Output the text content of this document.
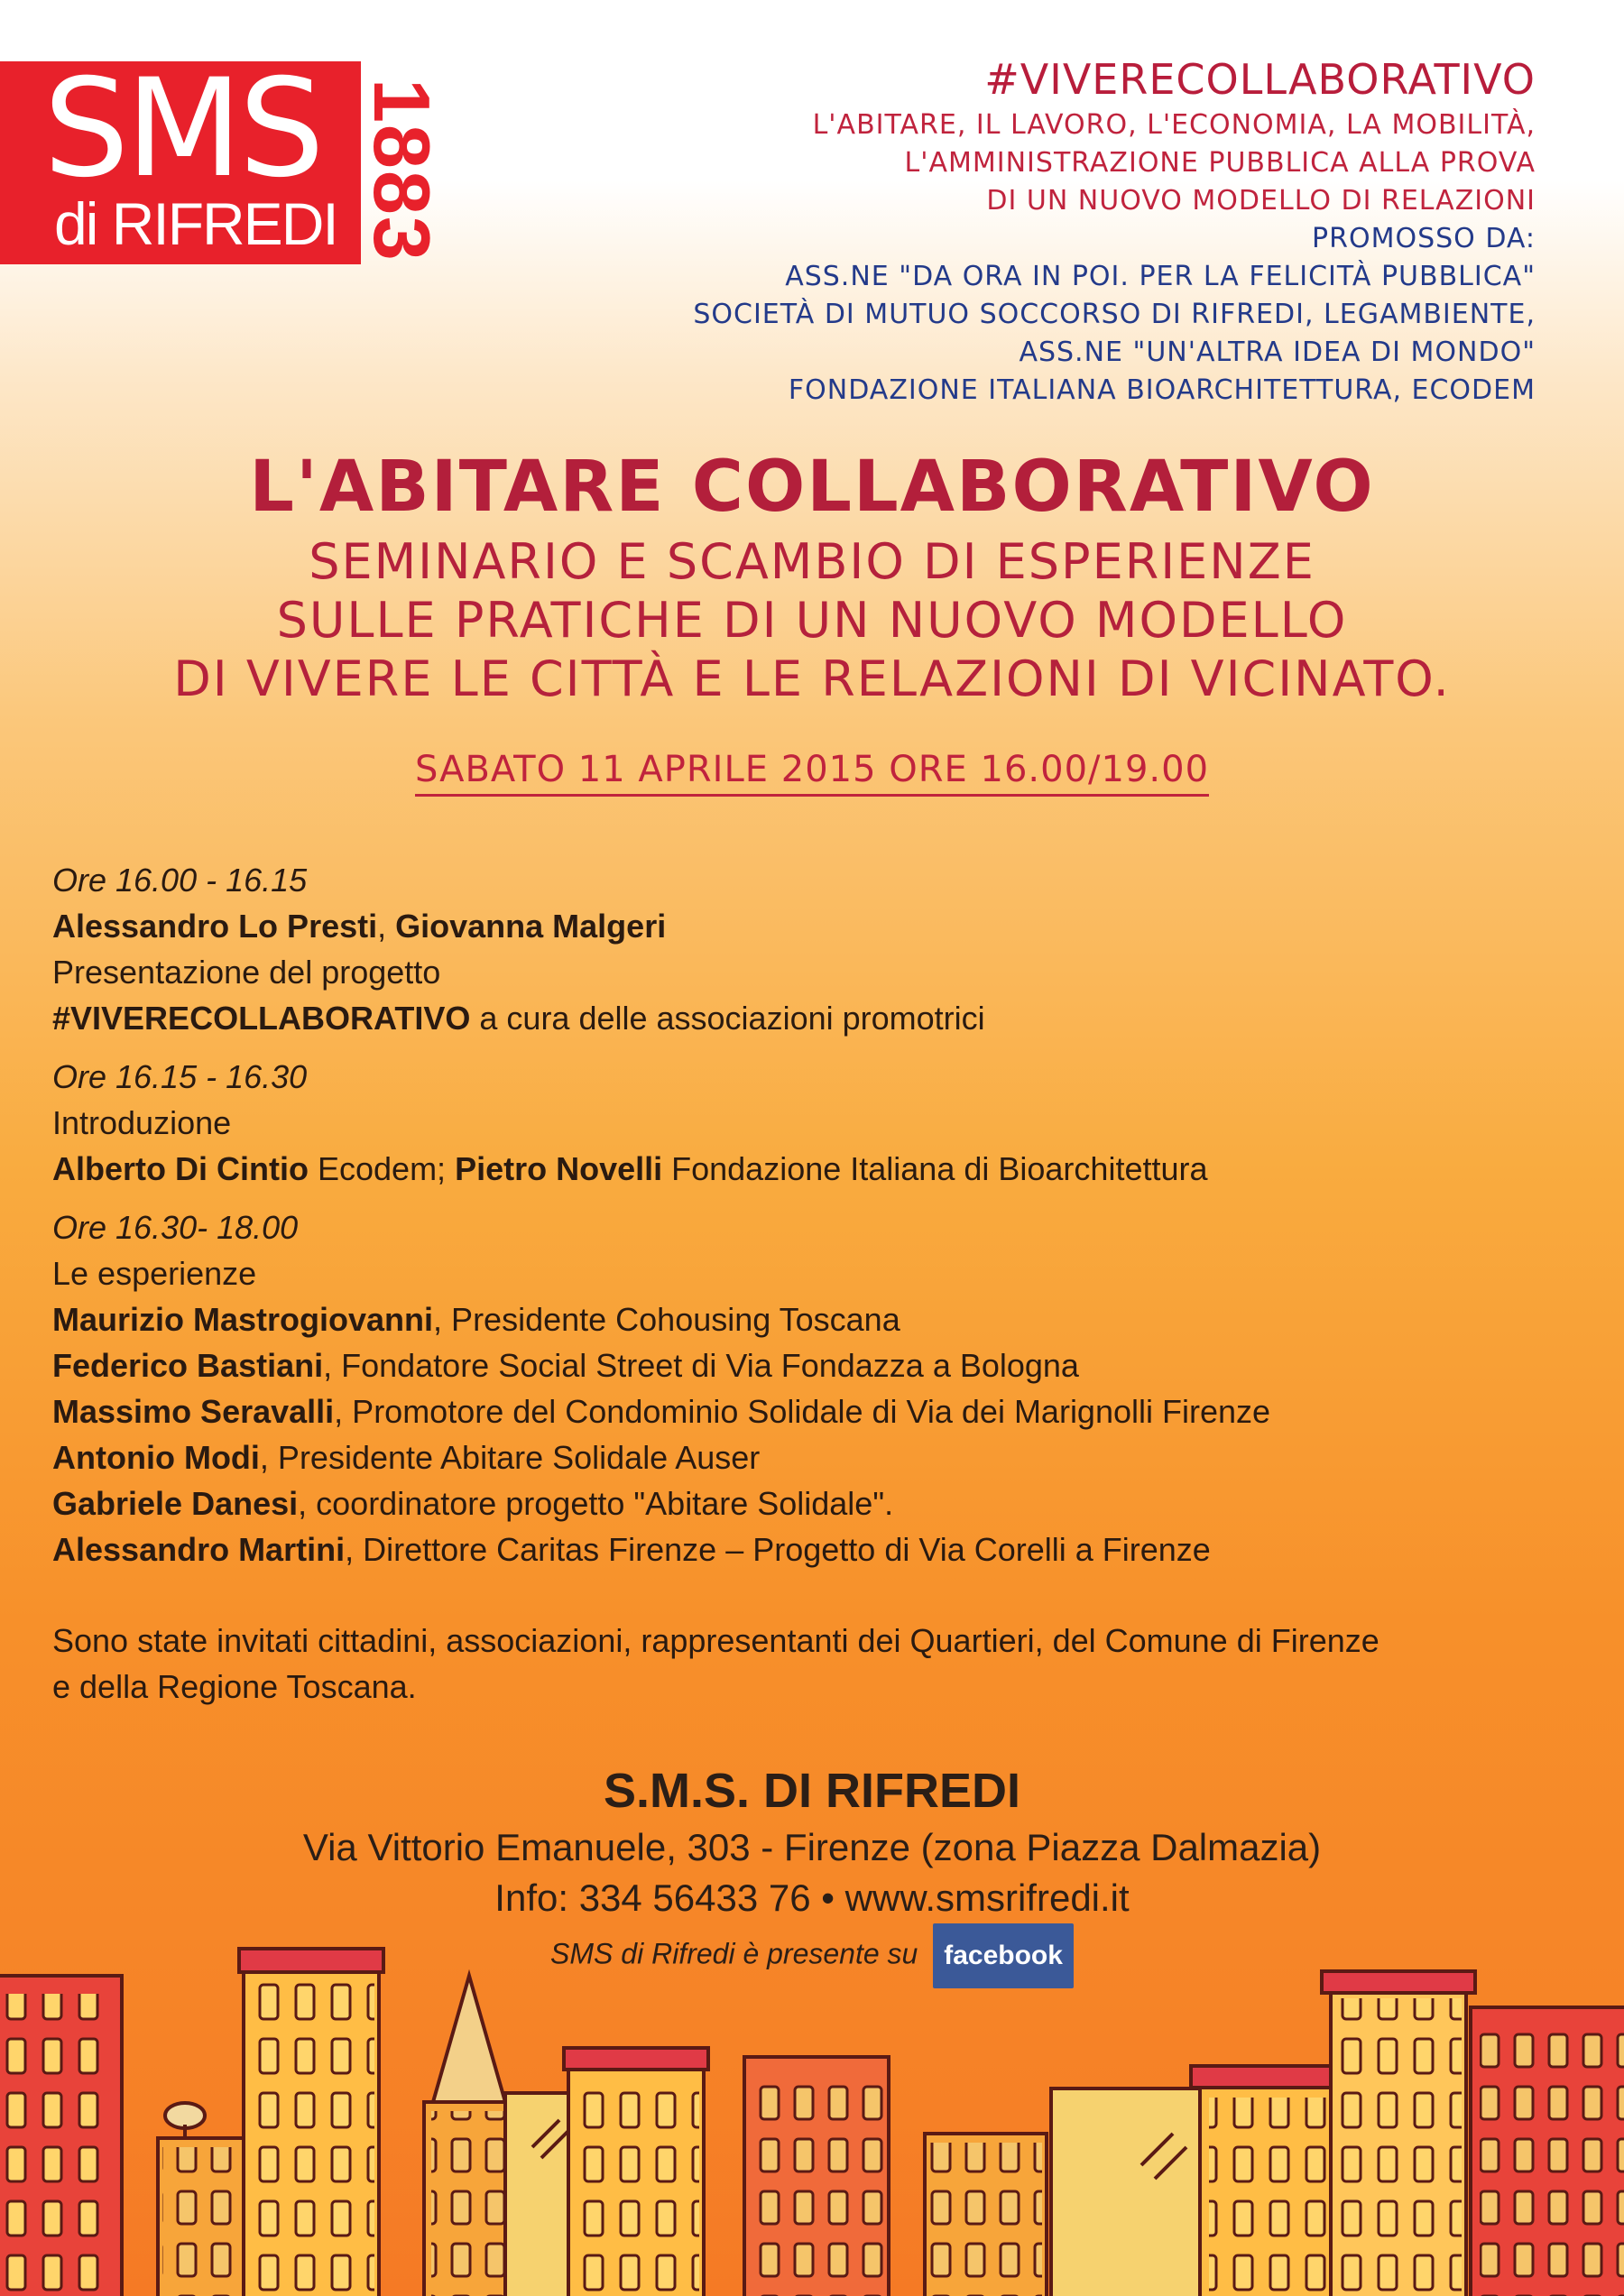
SMS
di RIFREDI 1883	#VIVERECOLLABORATIVO
L'ABITARE, IL LAVORO, L'ECONOMIA, LA MOBILITÀ,
L'AMMINISTRAZIONE PUBBLICA ALLA PROVA
DI UN NUOVO MODELLO DI RELAZIONI
PROMOSSO DA:
ASS.NE "DA ORA IN POI. PER LA FELICITÀ PUBBLICA"
SOCIETÀ DI MUTUO SOCCORSO DI RIFREDI, LEGAMBIENTE,
ASS.NE "UN'ALTRA IDEA DI MONDO"
FONDAZIONE ITALIANA BIOARCHITETTURA, ECODEM
L'ABITARE COLLABORATIVO
SEMINARIO E SCAMBIO DI ESPERIENZE
SULLE PRATICHE DI UN NUOVO MODELLO
DI VIVERE LE CITTÀ E LE RELAZIONI DI VICINATO.
SABATO 11 APRILE 2015 ORE 16.00/19.00
Ore 16.00 - 16.15
Alessandro Lo Presti, Giovanna Malgeri
Presentazione del progetto
#VIVERECOLLABORATIVO a cura delle associazioni promotrici
Ore 16.15 - 16.30
Introduzione
Alberto Di Cintio Ecodem; Pietro Novelli Fondazione Italiana di Bioarchitettura
Ore 16.30- 18.00
Le esperienze
Maurizio Mastrogiovanni, Presidente Cohousing Toscana
Federico Bastiani, Fondatore Social Street di Via Fondazza a Bologna
Massimo Seravalli, Promotore del Condominio Solidale di Via dei Marignolli Firenze
Antonio Modi, Presidente Abitare Solidale Auser
Gabriele Danesi, coordinatore progetto "Abitare Solidale".
Alessandro Martini, Direttore Caritas Firenze – Progetto di Via Corelli a Firenze
Sono state invitati cittadini, associazioni, rappresentanti dei Quartieri, del Comune di Firenze
e della Regione Toscana.
S.M.S. DI RIFREDI
Via Vittorio Emanuele, 303 - Firenze (zona Piazza Dalmazia)
Info: 334 56433 76 • www.smsrifredi.it
SMS di Rifredi è presente su facebook
